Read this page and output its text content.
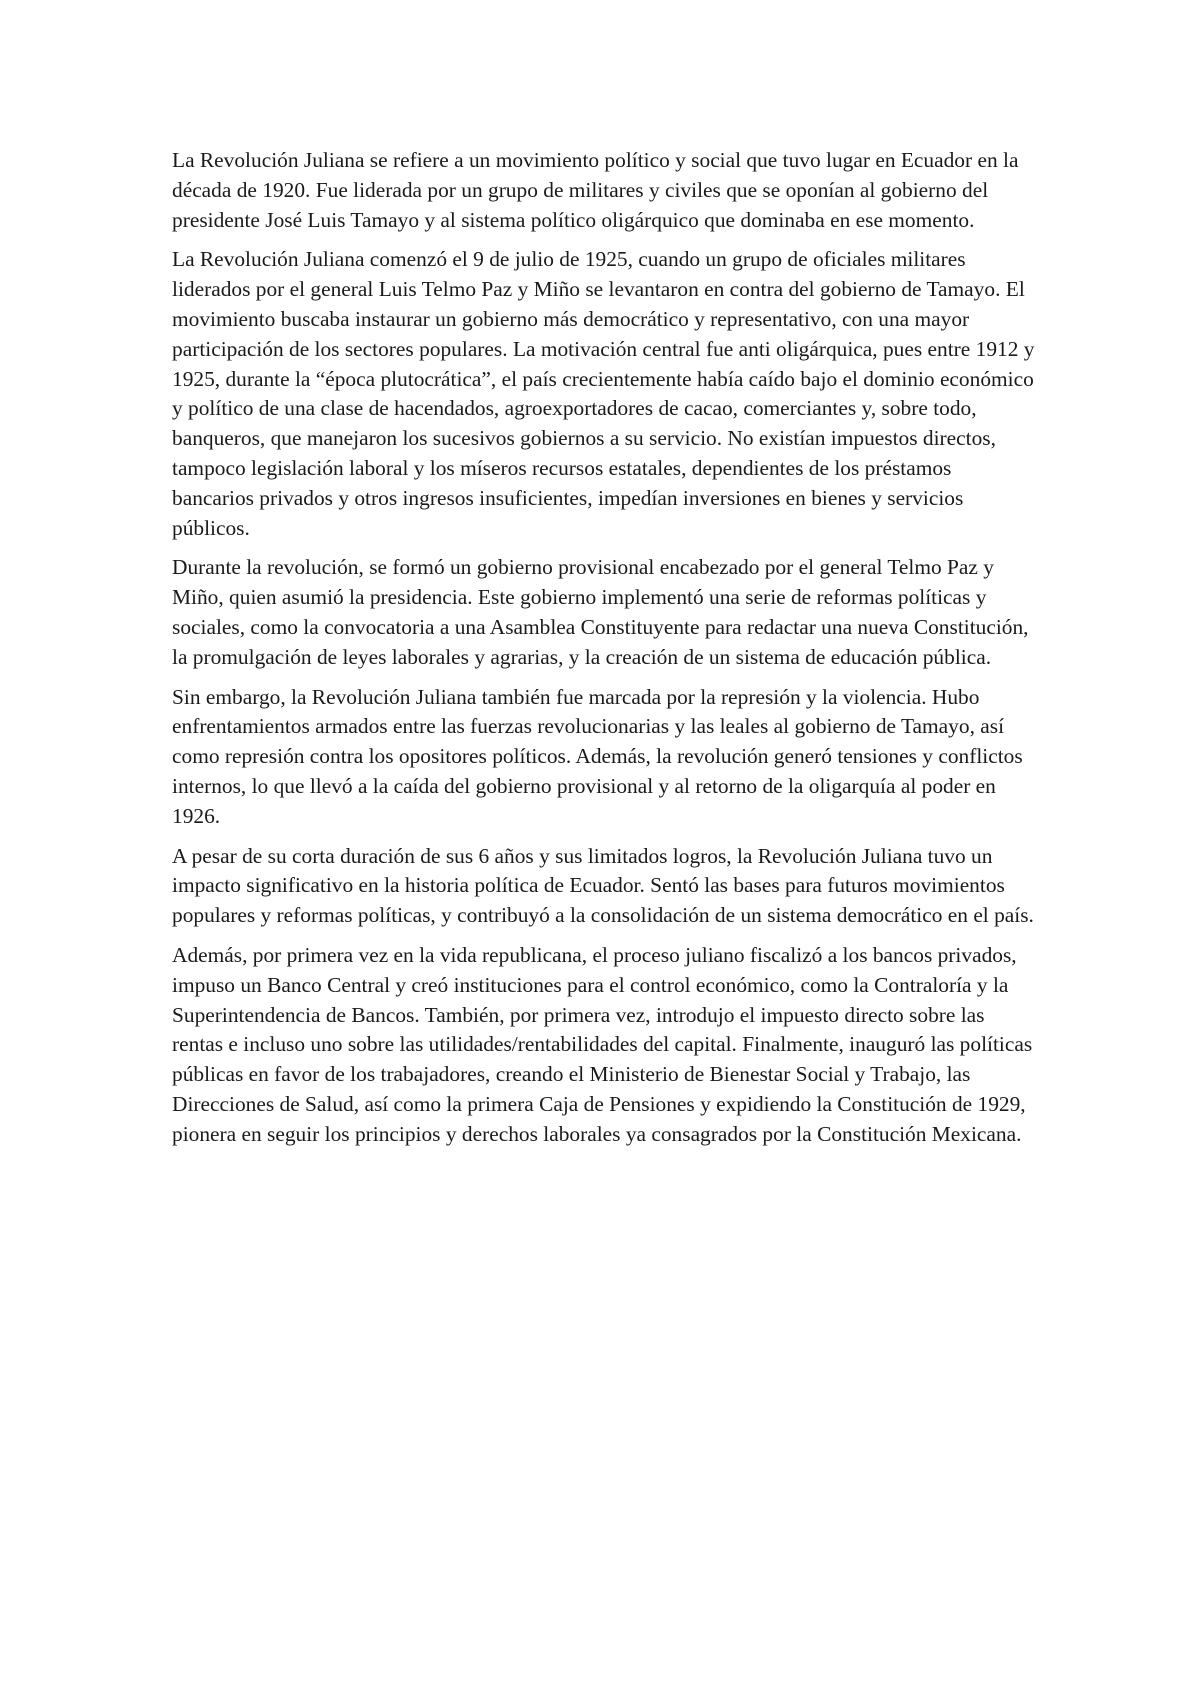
La Revolución Juliana se refiere a un movimiento político y social que tuvo lugar en Ecuador en la década de 1920. Fue liderada por un grupo de militares y civiles que se oponían al gobierno del presidente José Luis Tamayo y al sistema político oligárquico que dominaba en ese momento.

La Revolución Juliana comenzó el 9 de julio de 1925, cuando un grupo de oficiales militares liderados por el general Luis Telmo Paz y Miño se levantaron en contra del gobierno de Tamayo. El movimiento buscaba instaurar un gobierno más democrático y representativo, con una mayor participación de los sectores populares. La motivación central fue anti oligárquica, pues entre 1912 y 1925, durante la “época plutocrática”, el país crecientemente había caído bajo el dominio económico y político de una clase de hacendados, agroexportadores de cacao, comerciantes y, sobre todo, banqueros, que manejaron los sucesivos gobiernos a su servicio. No existían impuestos directos, tampoco legislación laboral y los míseros recursos estatales, dependientes de los préstamos bancarios privados y otros ingresos insuficientes, impedían inversiones en bienes y servicios públicos.

Durante la revolución, se formó un gobierno provisional encabezado por el general Telmo Paz y Miño, quien asumió la presidencia. Este gobierno implementó una serie de reformas políticas y sociales, como la convocatoria a una Asamblea Constituyente para redactar una nueva Constitución, la promulgación de leyes laborales y agrarias, y la creación de un sistema de educación pública.

Sin embargo, la Revolución Juliana también fue marcada por la represión y la violencia. Hubo enfrentamientos armados entre las fuerzas revolucionarias y las leales al gobierno de Tamayo, así como represión contra los opositores políticos. Además, la revolución generó tensiones y conflictos internos, lo que llevó a la caída del gobierno provisional y al retorno de la oligarquía al poder en 1926.

A pesar de su corta duración de sus 6 años y sus limitados logros, la Revolución Juliana tuvo un impacto significativo en la historia política de Ecuador. Sentó las bases para futuros movimientos populares y reformas políticas, y contribuyó a la consolidación de un sistema democrático en el país.

Además, por primera vez en la vida republicana, el proceso juliano fiscalizó a los bancos privados, impuso un Banco Central y creó instituciones para el control económico, como la Contraloría y la Superintendencia de Bancos. También, por primera vez, introdujo el impuesto directo sobre las rentas e incluso uno sobre las utilidades/rentabilidades del capital. Finalmente, inauguró las políticas públicas en favor de los trabajadores, creando el Ministerio de Bienestar Social y Trabajo, las Direcciones de Salud, así como la primera Caja de Pensiones y expidiendo la Constitución de 1929, pionera en seguir los principios y derechos laborales ya consagrados por la Constitución Mexicana.
